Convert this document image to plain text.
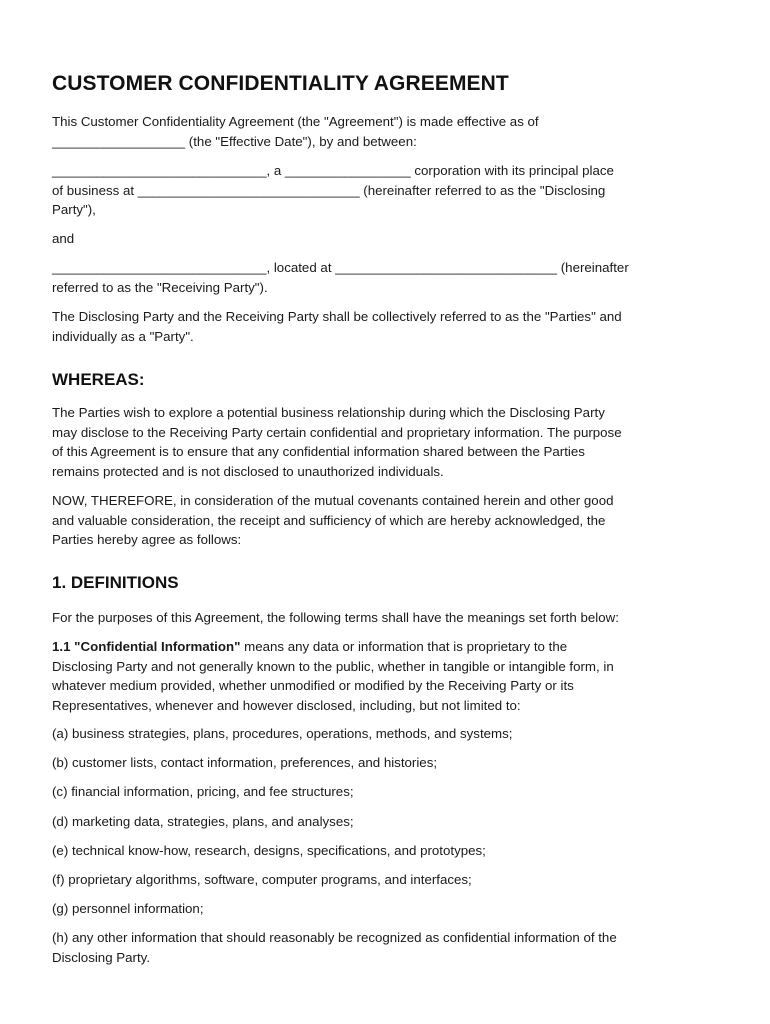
CUSTOMER CONFIDENTIALITY AGREEMENT
This Customer Confidentiality Agreement (the "Agreement") is made effective as of
__________________ (the "Effective Date"), by and between:
_____________________________, a _________________ corporation with its principal place
of business at ______________________________ (hereinafter referred to as the "Disclosing
Party"),
and
_____________________________, located at ______________________________ (hereinafter
referred to as the "Receiving Party").
The Disclosing Party and the Receiving Party shall be collectively referred to as the "Parties" and
individually as a "Party".
WHEREAS:
The Parties wish to explore a potential business relationship during which the Disclosing Party
may disclose to the Receiving Party certain confidential and proprietary information. The purpose
of this Agreement is to ensure that any confidential information shared between the Parties
remains protected and is not disclosed to unauthorized individuals.
NOW, THEREFORE, in consideration of the mutual covenants contained herein and other good
and valuable consideration, the receipt and sufficiency of which are hereby acknowledged, the
Parties hereby agree as follows:
1. DEFINITIONS
For the purposes of this Agreement, the following terms shall have the meanings set forth below:
1.1 "Confidential Information" means any data or information that is proprietary to the
Disclosing Party and not generally known to the public, whether in tangible or intangible form, in
whatever medium provided, whether unmodified or modified by the Receiving Party or its
Representatives, whenever and however disclosed, including, but not limited to:
(a) business strategies, plans, procedures, operations, methods, and systems;
(b) customer lists, contact information, preferences, and histories;
(c) financial information, pricing, and fee structures;
(d) marketing data, strategies, plans, and analyses;
(e) technical know-how, research, designs, specifications, and prototypes;
(f) proprietary algorithms, software, computer programs, and interfaces;
(g) personnel information;
(h) any other information that should reasonably be recognized as confidential information of the
Disclosing Party.
